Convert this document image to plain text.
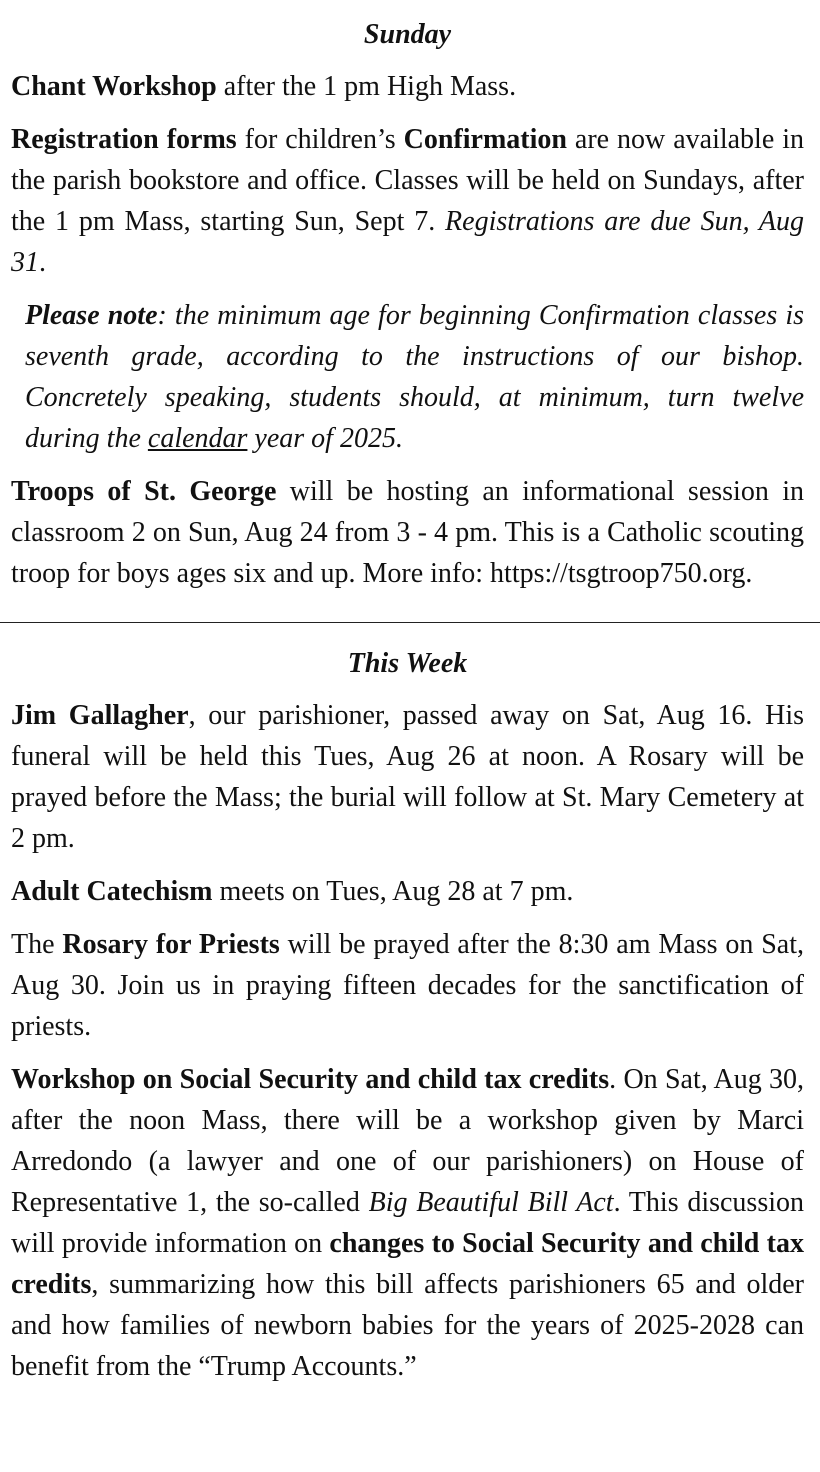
Sunday

Chant Workshop after the 1 pm High Mass.

Registration forms for children’s Confirmation are now available in the parish bookstore and office. Classes will be held on Sundays, after the 1 pm Mass, starting Sun, Sept 7. Registrations are due Sun, Aug 31.

Please note: the minimum age for beginning Confirmation classes is seventh grade, according to the instructions of our bishop. Concretely speaking, students should, at minimum, turn twelve during the calendar year of 2025.

Troops of St. George will be hosting an informational session in classroom 2 on Sun, Aug 24 from 3 - 4 pm. This is a Catholic scouting troop for boys ages six and up. More info: https://tsgtroop750.org.

This Week

Jim Gallagher, our parishioner, passed away on Sat, Aug 16. His funeral will be held this Tues, Aug 26 at noon. A Rosary will be prayed before the Mass; the burial will follow at St. Mary Cemetery at 2 pm.

Adult Catechism meets on Tues, Aug 28 at 7 pm.

The Rosary for Priests will be prayed after the 8:30 am Mass on Sat, Aug 30. Join us in praying fifteen decades for the sanctification of priests.

Workshop on Social Security and child tax credits. On Sat, Aug 30, after the noon Mass, there will be a workshop given by Marci Arredondo (a lawyer and one of our parishioners) on House of Representative 1, the so-called Big Beautiful Bill Act. This discussion will provide information on changes to Social Security and child tax credits, summarizing how this bill affects parishioners 65 and older and how families of newborn babies for the years of 2025-2028 can benefit from the “Trump Accounts.”
